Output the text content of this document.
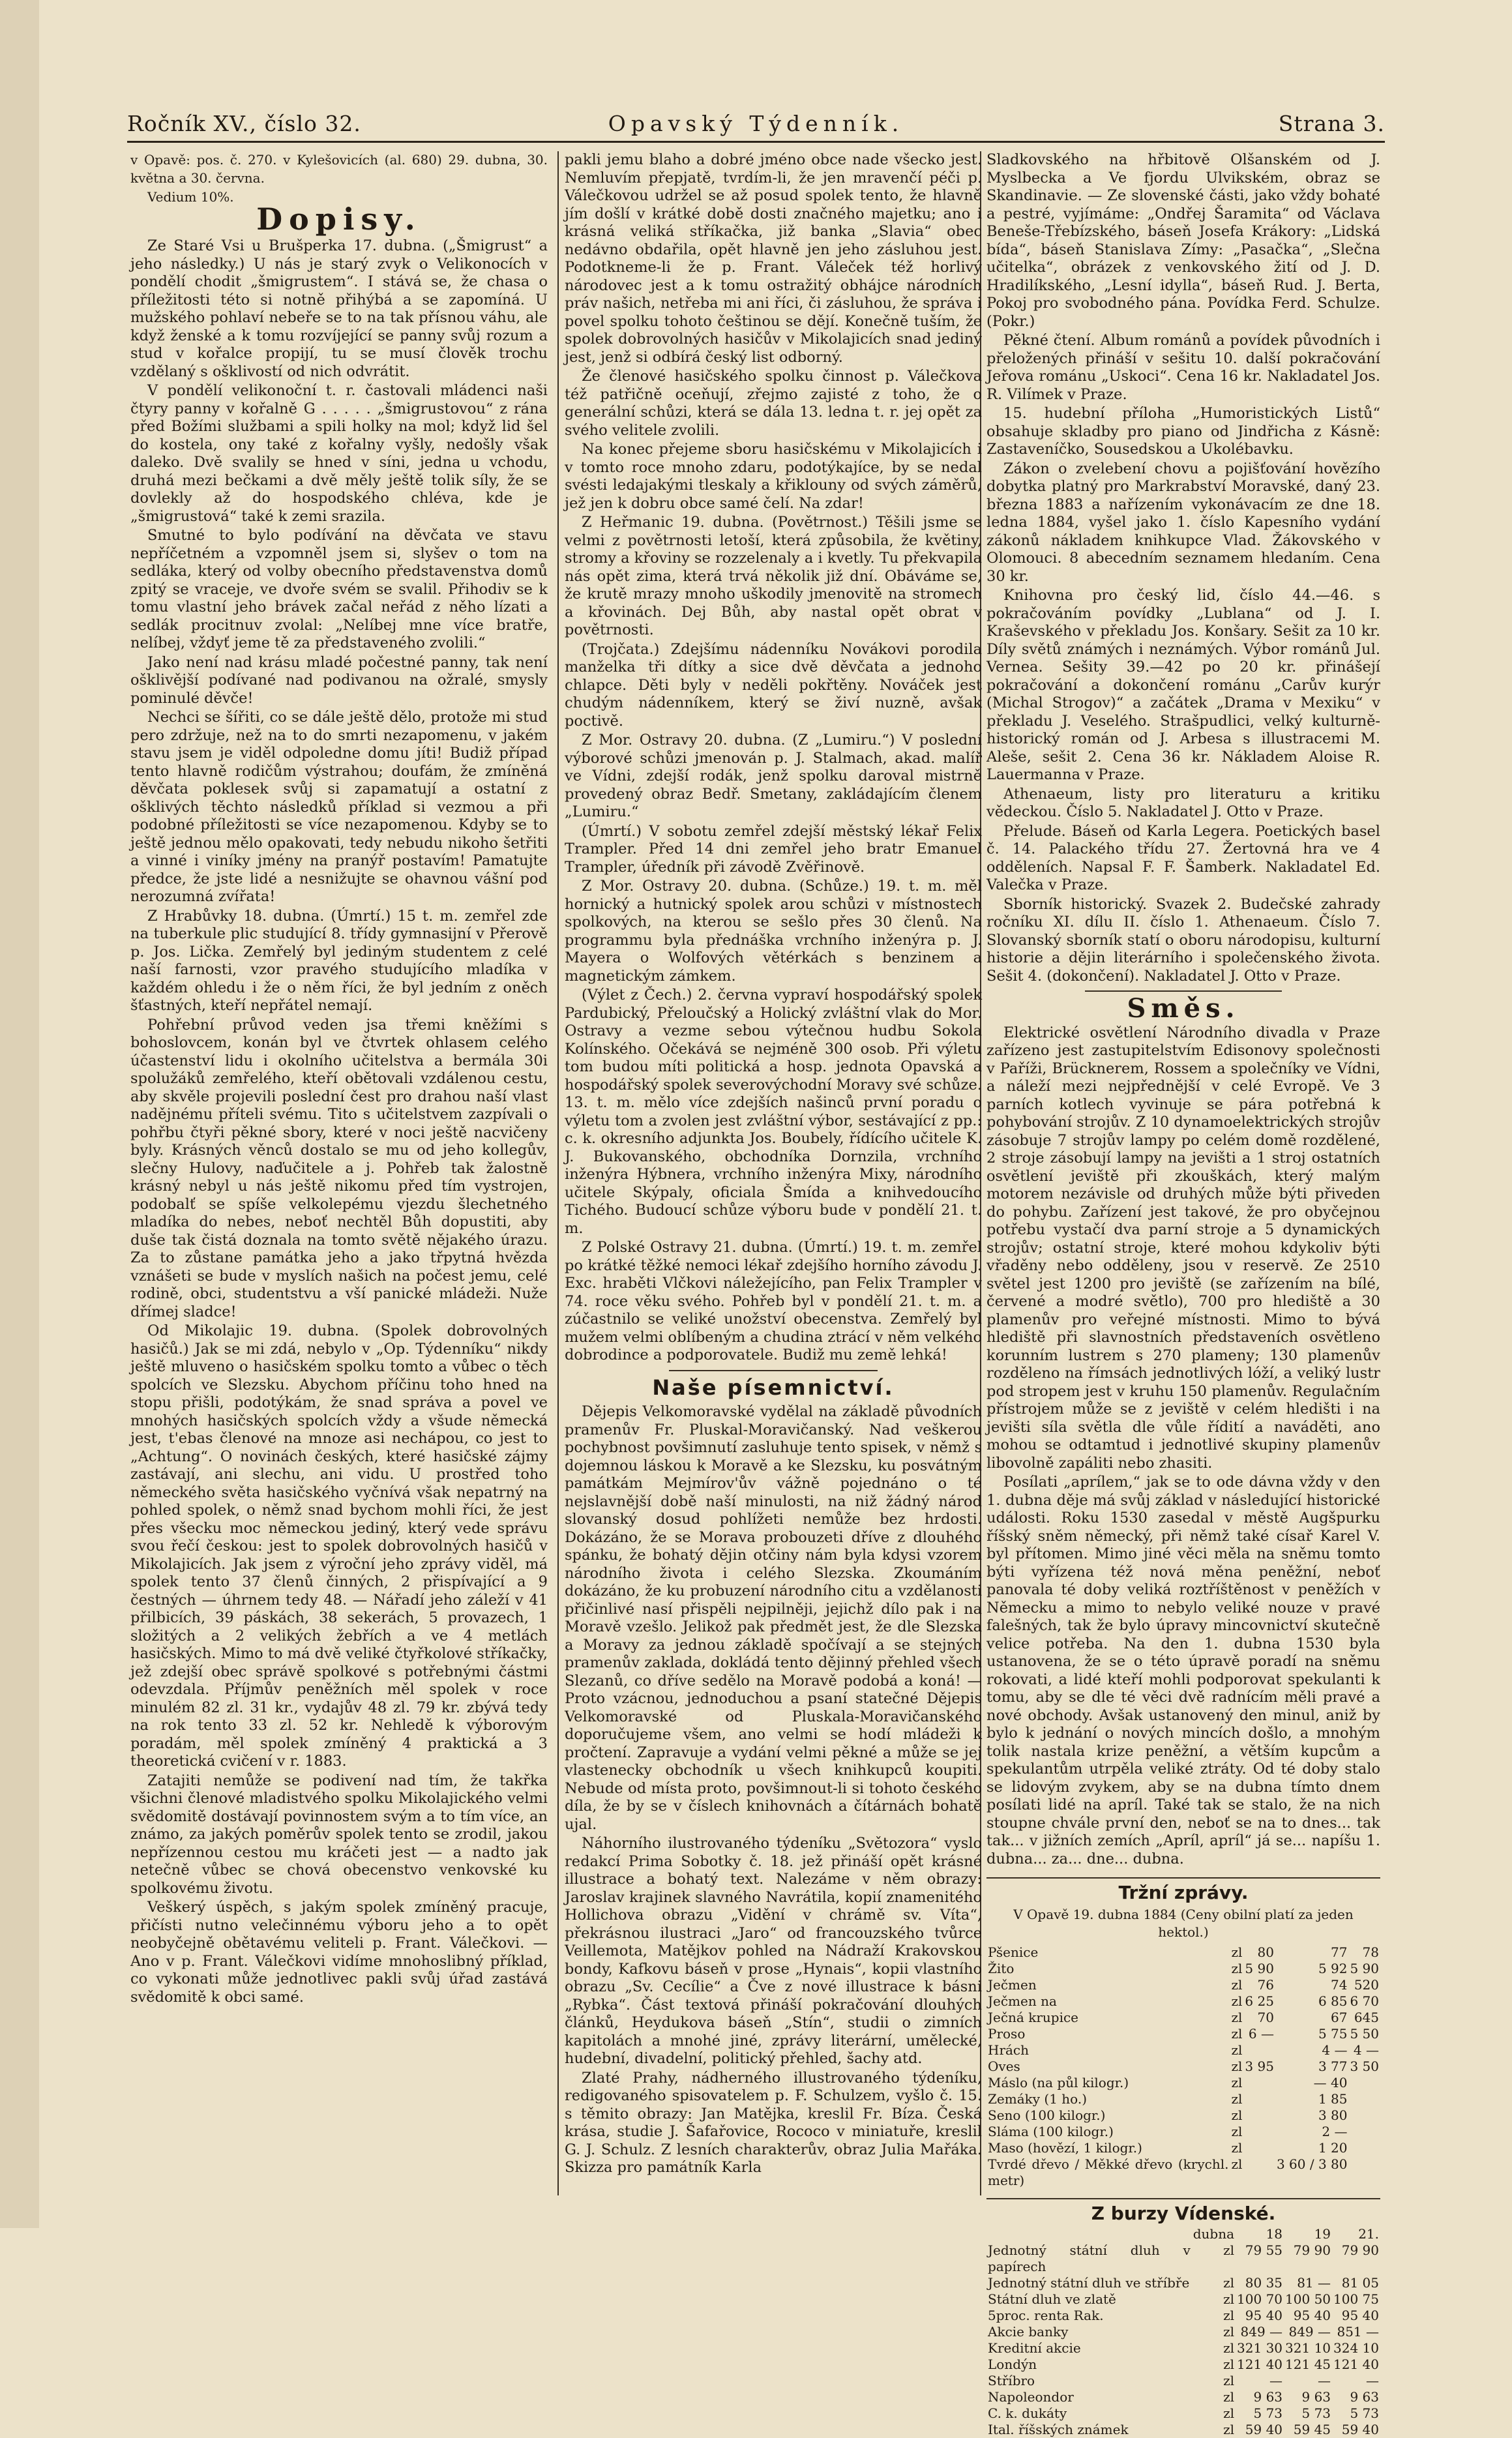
Ročník XV., číslo 32.	Opavský Týdenník.	Strana 3.

v Opavě: pos. č. 270. v Kylešovicích (al. 680) 29. dubna, 30. května a 30. června.

Vedium 10%.

Dopisy.

Ze Staré Vsi u Brušperka 17. dubna. („Šmigrust“ a jeho následky.) U nás je starý zvyk o Velikonocích v pondělí chodit „šmigrustem“. I stává se, že chasa o příležitosti této si notně přihýbá a se zapomíná. U mužského pohlaví nebeře se to na tak přísnou váhu, ale když ženské a k tomu rozvíjející se panny svůj rozum a stud v kořalce propijí, tu se musí člověk trochu vzdělaný s ošklivostí od nich odvrátit.

V pondělí velikonoční t. r. častovali mládenci naši čtyry panny v kořalně G . . . . . „šmigrustovou“ z rána před Božími službami a spili holky na mol; když lid šel do kostela, ony také z kořalny vyšly, nedošly však daleko. Dvě svalily se hned v síni, jedna u vchodu, druhá mezi bečkami a dvě měly ještě tolik síly, že se dovlekly až do hospodského chléva, kde je „šmigrustová“ také k zemi srazila.

Smutné to bylo podívání na děvčata ve stavu nepříčetném a vzpomněl jsem si, slyšev o tom na sedláka, který od volby obecního představenstva domů zpitý se vraceje, ve dvoře svém se svalil. Přihodiv se k tomu vlastní jeho brávek začal neřád z něho lízati a sedlák procitnuv zvolal: „Nelíbej mne více bratře, nelíbej, vždyť jeme tě za představeného zvolili.“

Jako není nad krásu mladé počestné panny, tak není ošklivější podívané nad podivanou na ožralé, smysly pominulé děvče!

Nechci se šířiti, co se dále ještě dělo, protože mi stud pero zdržuje, než na to do smrti nezapomenu, v jakém stavu jsem je viděl odpoledne domu jíti! Budiž případ tento hlavně rodičům výstrahou; doufám, že zmíněná děvčata poklesek svůj si zapamatují a ostatní z ošklivých těchto následků příklad si vezmou a při podobné příležitosti se více nezapomenou. Kdyby se to ještě jednou mělo opakovati, tedy nebudu nikoho šetřiti a vinné i viníky jmény na pranýř postavím! Pamatujte předce, že jste lidé a nesnižujte se ohavnou vášní pod nerozumná zvířata!

Z Hrabůvky 18. dubna. (Úmrtí.) 15 t. m. zemřel zde na tuberkule plic studující 8. třídy gymnasijní v Přerově p. Jos. Lička. Zemřelý byl jediným studentem z celé naší farnosti, vzor pravého studujícího mladíka v každém ohledu i že o něm říci, že byl jedním z oněch šťastných, kteří nepřátel nemají.

Pohřební průvod veden jsa třemi kněžími s bohoslovcem, konán byl ve čtvrtek ohlasem celého účastenství lidu i okolního učitelstva a bermála 30i spolužáků zemřelého, kteří obětovali vzdálenou cestu, aby skvěle projevili poslední čest pro drahou naší vlast nadějnému příteli svému. Tito s učitelstvem zazpívali o pohřbu čtyři pěkné sbory, které v noci ještě nacvičeny byly. Krásných věnců dostalo se mu od jeho kollegův, slečny Hulovy, naďučitele a j. Pohřeb tak žalostně krásný nebyl u nás ještě nikomu před tím vystrojen, podobalť se spíše velkolepému vjezdu šlechetného mladíka do nebes, neboť nechtěl Bůh dopustiti, aby duše tak čistá doznala na tomto světě nějakého úrazu. Za to zůstane památka jeho a jako třpytná hvězda vznášeti se bude v myslích našich na počest jemu, celé rodině, obci, studentstvu a vší panické mládeži. Nuže dřímej sladce!

Od Mikolajic 19. dubna. (Spolek dobrovolných hasičů.) Jak se mi zdá, nebylo v „Op. Týdenníku“ nikdy ještě mluveno o hasičském spolku tomto a vůbec o těch spolcích ve Slezsku. Abychom příčinu toho hned na stopu přišli, podotýkám, že snad správa a povel ve mnohých hasičských spolcích vždy a všude německá jest, t'ebas členové na mnoze asi nechápou, co jest to „Achtung“. O novinách českých, které hasičské zájmy zastávají, ani slechu, ani vidu. U prostřed toho německého světa hasičského vyčnívá však nepatrný na pohled spolek, o němž snad bychom mohli říci, že jest přes všecku moc německou jediný, který vede správu svou řečí českou: jest to spolek dobrovolných hasičů v Mikolajicích. Jak jsem z výroční jeho zprávy viděl, má spolek tento 37 členů činných, 2 přispívající a 9 čestných — úhrnem tedy 48. — Nářadí jeho záleží v 41 přilbicích, 39 páskách, 38 sekerách, 5 provazech, 1 složitých a 2 velikých žebřích a ve 4 metlách hasičských. Mimo to má dvě veliké čtyřkolové stříkačky, jež zdejší obec správě spolkové s potřebnými částmi odevzdala. Příjmův peněžních měl spolek v roce minulém 82 zl. 31 kr., vydajův 48 zl. 79 kr. zbývá tedy na rok tento 33 zl. 52 kr. Nehledě k výborovým poradám, měl spolek zmíněný 4 praktická a 3 theoretická cvičení v r. 1883.

Zatajiti nemůže se podivení nad tím, že takřka všichni členové mladistvého spolku Mikolajického velmi svědomitě dostávají povinnostem svým a to tím více, an známo, za jakých poměrův spolek tento se zrodil, jakou nepřízennou cestou mu kráčeti jest — a nadto jak netečně vůbec se chová obecenstvo venkovské ku spolkovému životu.

Veškerý úspěch, s jakým spolek zmíněný pracuje, přičísti nutno velečinnému výboru jeho a to opět neobyčejně obětavému veliteli p. Frant. Válečkovi. — Ano v p. Frant. Válečkovi vidíme mnohoslibný příklad, co vykonati může jednotlivec pakli svůj úřad zastává svědomitě k obci samé.

pakli jemu blaho a dobré jméno obce nade všecko jest. Nemluvím přepjatě, tvrdím-li, že jen mravenčí péči p. Válečkovou udržel se až posud spolek tento, že hlavně jím došlí v krátké době dosti značného majetku; ano i krásná veliká stříkačka, již banka „Slavia“ obec nedávno obdařila, opět hlavně jen jeho zásluhou jest. Podotkneme-li že p. Frant. Váleček též horlivý národovec jest a k tomu ostražitý obhájce národních práv našich, netřeba mi ani říci, či zásluhou, že správa i povel spolku tohoto češtinou se dějí. Konečně tuším, že spolek dobrovolných hasičův v Mikolajicích snad jediný jest, jenž si odbírá český list odborný.

Že členové hasičského spolku činnost p. Válečkova též patřičně oceňují, zřejmo zajisté z toho, že o generální schůzi, která se dála 13. ledna t. r. jej opět za svého velitele zvolili.

Na konec přejeme sboru hasičskému v Mikolajicích i v tomto roce mnoho zdaru, podotýkajíce, by se nedal svésti ledajakými tleskaly a křiklouny od svých záměrů, jež jen k dobru obce samé čelí. Na zdar!

Z Heřmanic 19. dubna. (Povětrnost.) Těšili jsme se velmi z povětrnosti letoší, která způsobila, že květiny, stromy a křoviny se rozzelenaly a i kvetly. Tu překvapila nás opět zima, která trvá několik již dní. Obáváme se, že krutě mrazy mnoho uškodily jmenovitě na stromech a křovinách. Dej Bůh, aby nastal opět obrat v povětrnosti.

(Trojčata.) Zdejšímu nádenníku Novákovi porodila manželka tři dítky a sice dvě děvčata a jednoho chlapce. Děti byly v neděli pokřtěny. Nováček jest chudým nádenníkem, který se živí nuzně, avšak poctivě.

Z Mor. Ostravy 20. dubna. (Z „Lumiru.“) V poslední výborové schůzi jmenován p. J. Stalmach, akad. malíř ve Vídni, zdejší rodák, jenž spolku daroval mistrně provedený obraz Bedř. Smetany, zakládajícím členem „Lumiru.“

(Úmrtí.) V sobotu zemřel zdejší městský lékař Felix Trampler. Před 14 dni zemřel jeho bratr Emanuel Trampler, úředník při závodě Zvěřinově.

Z Mor. Ostravy 20. dubna. (Schůze.) 19. t. m. měl hornický a hutnický spolek arou schůzi v místnostech spolkových, na kterou se sešlo přes 30 členů. Na programmu byla přednáška vrchního inženýra p. J. Mayera o Wolfových větérkách s benzinem a magnetickým zámkem.

(Výlet z Čech.) 2. června vypraví hospodářský spolek Pardubický, Přeloučský a Holický zvláštní vlak do Mor. Ostravy a vezme sebou výtečnou hudbu Sokola Kolínského. Očekává se nejméně 300 osob. Při výletu tom budou míti politická a hosp. jednota Opavská a hospodářský spolek severovýchodní Moravy své schůze. 13. t. m. mělo více zdejších našinců první poradu o výletu tom a zvolen jest zvláštní výbor, sestávající z pp.: c. k. okresního adjunkta Jos. Boubely, řídícího učitele K. J. Bukovanského, obchodníka Dornzila, vrchního inženýra Hýbnera, vrchního inženýra Mixy, národního učitele Skýpaly, oficiala Šmída a knihvedoucího Tichého. Budoucí schůze výboru bude v pondělí 21. t. m.

Z Polské Ostravy 21. dubna. (Úmrtí.) 19. t. m. zemřel po krátké těžké nemoci lékař zdejšího horního závodu J. Exc. hraběti Vlčkovi náležejícího, pan Felix Trampler v 74. roce věku svého. Pohřeb byl v pondělí 21. t. m. a zúčastnilo se veliké unožství obecenstva. Zemřelý byl mužem velmi oblíbeným a chudina ztrácí v něm velkého dobrodince a podporovatele. Budiž mu země lehká!

Naše písemnictví.

Dějepis Velkomoravské vydělal na základě původních pramenův Fr. Pluskal-Moravičanský. Nad veškerou pochybnost povšimnutí zasluhuje tento spisek, v němž s dojemnou láskou k Moravě a ke Slezsku, ku posvátným památkám Mejmírov'ův vážně pojednáno o té nejslavnější době naší minulosti, na niž žádný národ slovanský dosud pohlížeti nemůže bez hrdosti. Dokázáno, že se Morava probouzeti dříve z dlouhého spánku, že bohatý dějin otčiny nám byla kdysi vzorem národního života i celého Slezska. Zkoumáním dokázáno, že ku probuzení národního citu a vzdělanosti přičinlivé nasí přispěli nejpilněji, jejichž dílo pak i na Moravě vzešlo. Jelikož pak předmět jest, že dle Slezska a Moravy za jednou základě spočívají a se stejných pramenův zaklada, dokládá tento dějinný přehled všech Slezanů, co dříve sedělo na Moravě podobá a koná! — Proto vzácnou, jednoduchou a psaní statečné Dějepis Velkomoravské od Pluskala-Moravičanského doporučujeme všem, ano velmi se hodí mládeži k pročtení. Zapravuje a vydání velmi pěkné a může se jej vlastenecky obchodník u všech knihkupců koupiti. Nebude od místa proto, povšimnout-li si tohoto českého díla, že by se v číslech knihovnách a čítárnách bohatě ujal.

Náhorního ilustrovaného týdeníku „Světozora“ vyslo redakcí Prima Sobotky č. 18. jež přináší opět krásné illustrace a bohatý text. Nalezáme v něm obrazy: Jaroslav krajinek slavného Navrátila, kopií znamenitého Hollichova obrazu „Vidění v chrámě sv. Víta“, překrásnou ilustraci „Jaro“ od francouzského tvůrce Veillemota, Matějkov pohled na Nádraží Krakovskou bondy, Kafkovu báseň v prose „Hynais“, kopii vlastního obrazu „Sv. Cecílie“ a Čve z nové illustrace k básni „Rybka“. Část textová přináší pokračování dlouhých článků, Heydukova báseň „Stín“, studii o zimních kapitolách a mnohé jiné, zprávy literární, umělecké, hudební, divadelní, politický přehled, šachy atd.

Zlaté Prahy, nádherného illustrovaného týdeníku, redigovaného spisovatelem p. F. Schulzem, vyšlo č. 15. s těmito obrazy: Jan Matějka, kreslil Fr. Bíza. Česká krása, studie J. Šafařovice, Rococo v miniatuře, kreslil G. J. Schulz. Z lesních charakterův, obraz Julia Mařáka. Skizza pro památník Karla

Sladkovského na hřbitově Olšanském od J. Myslbecka a Ve fjordu Ulvikském, obraz se Skandinavie. — Ze slovenské části, jako vždy bohaté a pestré, vyjímáme: „Ondřej Šaramita“ od Václava Beneše-Třebízského, báseň Josefa Krákory: „Lidská bída“, báseň Stanislava Zímy: „Pasačka“, „Slečna učitelka“, obrázek z venkovského žití od J. D. Hradilíkského, „Lesní idylla“, báseň Rud. J. Berta, Pokoj pro svobodného pána. Povídka Ferd. Schulze. (Pokr.)

Pěkné čtení. Album románů a povídek původních i přeložených přináší v sešitu 10. další pokračování Jeřova románu „Uskoci“. Cena 16 kr. Nakladatel Jos. R. Vilímek v Praze.

15. hudební příloha „Humoristických Listů“ obsahuje skladby pro piano od Jindřicha z Kásně: Zastaveníčko, Sousedskou a Ukolébavku.

Zákon o zvelebení chovu a pojišťování hovězího dobytka platný pro Markrabství Moravské, daný 23. března 1883 a nařízením vykonávacím ze dne 18. ledna 1884, vyšel jako 1. číslo Kapesního vydání zákonů nákladem knihkupce Vlad. Žákovského v Olomouci. 8 abecedním seznamem hledaním. Cena 30 kr.

Knihovna pro český lid, číslo 44.—46. s pokračováním povídky „Lublana“ od J. I. Kraševského v překladu Jos. Konšary. Sešit za 10 kr. Díly světů známých i neznámých. Výbor románů Jul. Vernea. Sešity 39.—42 po 20 kr. přinášejí pokračování a dokončení románu „Carův kurýr (Michal Strogov)“ a začátek „Drama v Mexiku“ v překladu J. Veselého. Strašpudlici, velký kulturně-historický román od J. Arbesa s illustracemi M. Aleše, sešit 2. Cena 36 kr. Nákladem Aloise R. Lauermanna v Praze.

Athenaeum, listy pro literaturu a kritiku vědeckou. Číslo 5. Nakladatel J. Otto v Praze.

Přelude. Báseň od Karla Legera. Poetických basel č. 14. Palackého třídu 27. Žertovná hra ve 4 odděleních. Napsal F. F. Šamberk. Nakladatel Ed. Valečka v Praze.

Sborník historický. Svazek 2. Budečské zahrady ročníku XI. dílu II. číslo 1. Athenaeum. Číslo 7. Slovanský sborník statí o oboru národopisu, kulturní historie a dějin literárního i společenského života. Sešit 4. (dokončení). Nakladatel J. Otto v Praze.

Směs.

Elektrické osvětlení Národního divadla v Praze zařízeno jest zastupitelstvím Edisonovy společnosti v Paříži, Brücknerem, Rossem a společníky ve Vídni, a náleží mezi nejpřednější v celé Evropě. Ve 3 parních kotlech vyvinuje se pára potřebná k pohybování strojův. Z 10 dynamoelektrických strojův zásobuje 7 strojův lampy po celém domě rozdělené, 2 stroje zásobují lampy na jevišti a 1 stroj ostatních osvětlení jeviště při zkouškách, který malým motorem nezávisle od druhých může býti přiveden do pohybu. Zařízení jest takové, že pro obyčejnou potřebu vystačí dva parní stroje a 5 dynamických strojův; ostatní stroje, které mohou kdykoliv býti vřaděny nebo odděleny, jsou v reservě. Ze 2510 světel jest 1200 pro jeviště (se zařízením na bílé, červené a modré světlo), 700 pro hlediště a 30 plamenův pro veřejné místnosti. Mimo to bývá hlediště při slavnostních představeních osvětleno korunním lustrem s 270 plameny; 130 plamenův rozděleno na římsách jednotlivých lóží, a veliký lustr pod stropem jest v kruhu 150 plamenův. Regulačním přístrojem může se z jeviště v celém hledišti i na jevišti síla světla dle vůle řídití a naváděti, ano mohou se odtamtud i jednotlivé skupiny plamenův libovolně zapáliti nebo zhasiti.

Posílati „aprílem,“ jak se to ode dávna vždy v den 1. dubna děje má svůj základ v následující historické události. Roku 1530 zasedal v městě Augšpurku říšský sněm německý, při němž také císař Karel V. byl přítomen. Mimo jiné věci měla na sněmu tomto býti vyřízena též nová měna peněžní, neboť panovala té doby veliká roztříštěnost v peněžích v Německu a mimo to nebylo veliké nouze v pravé falešných, tak že bylo úpravy mincovnictví skutečně velice potřeba. Na den 1. dubna 1530 byla ustanovena, že se o této úpravě poradí na sněmu rokovati, a lidé kteří mohli podporovat spekulanti k tomu, aby se dle té věci dvě radnícím měli pravé a nové obchody. Avšak ustanovený den minul, aniž by bylo k jednání o nových mincích došlo, a mnohým tolik nastala krize peněžní, a větším kupcům a spekulantům utrpěla veliké ztráty. Od té doby stalo se lidovým zvykem, aby se na dubna tímto dnem posílati lidé na apríl. Také tak se stalo, že na nich stoupne chvále první den, neboť se na to dnes... tak tak... v jižních zemích „Apríl, apríl“ já se... napíšu 1. dubna... za... dne... dubna.

Tržní zprávy.
V Opavě 19. dubna 1884 (Ceny obilní platí za jeden hektol.)
Pšenice	zl	80	77	78
Žito	zl	5 90	5 92	5 90
Ječmen	zl	76	74	520
Ječmen na	zl	6 25	6 85	6 70
Ječná krupice	zl	70	67	645
Proso	zl	6 —	5 75	5 50
Hrách	zl		4 —	4 —
Oves	zl	3 95	3 77	3 50
Máslo (na půl kilogr.)	zl		— 40	
Zemáky (1 ho.)	zl		1 85	
Seno (100 kilogr.)	zl		3 80	
Sláma (100 kilogr.)	zl		2 —	
Maso (hovězí, 1 kilogr.)	zl		1 20	
Tvrdé dřevo / Měkké dřevo (krychl. metr)	zl		3 60 / 3 80	
Z burzy Vídenské.
	dubna	18	19	21.
Jednotný státní dluh v papírech	zl	79 55	79 90	79 90
Jednotný státní dluh ve stříbře	zl	80 35	81 —	81 05
Státní dluh ve zlatě	zl	100 70	100 50	100 75
5proc. renta Rak.	zl	95 40	95 40	95 40
Akcie banky	zl	849 —	849 —	851 —
Kreditní akcie	zl	321 30	321 10	324 10
Londýn	zl	121 40	121 45	121 40
Stříbro	zl	—	—	—
Napoleondor	zl	9 63	9 63	9 63
C. k. dukáty	zl	5 73	5 73	5 73
Ital. říšských známek	zl	59 40	59 45	59 40
